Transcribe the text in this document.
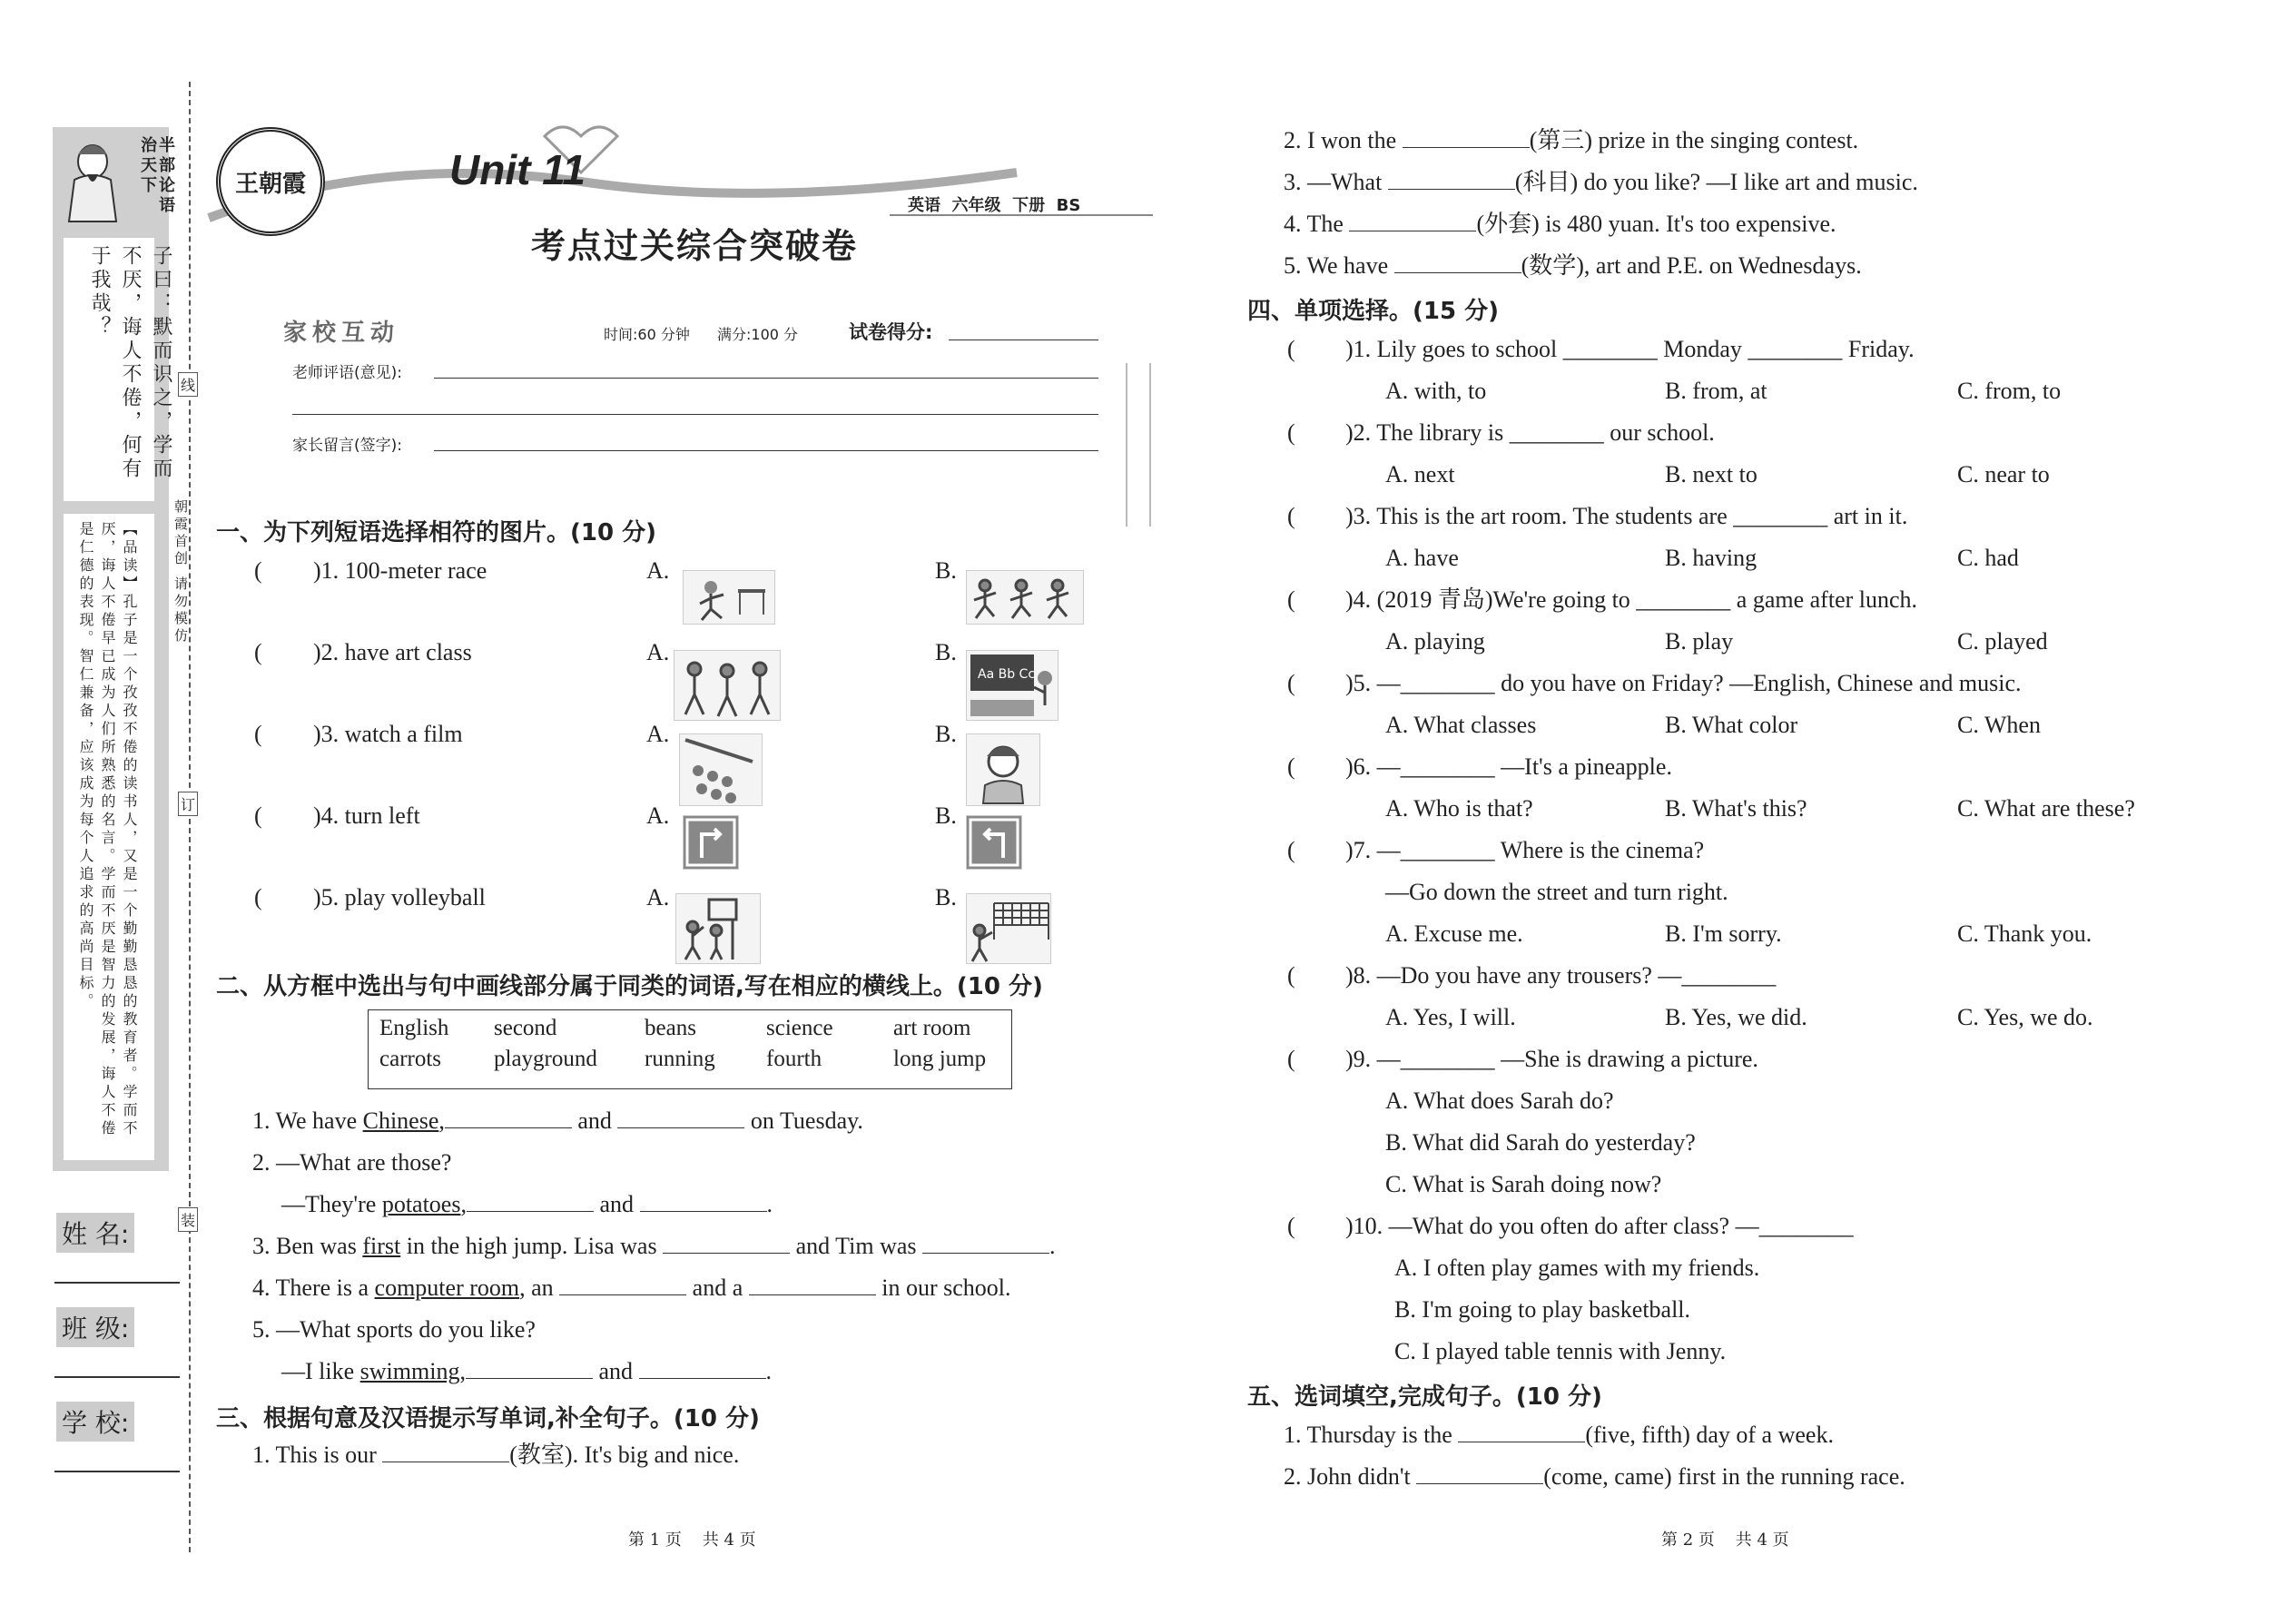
半部论语治天下
子曰：默而识之，学而不厌，诲人不倦，何有于我哉？
【品读】孔子是一个孜孜不倦的读书人，又是一个勤勤恳恳的教育者。学而不厌，诲人不倦早已成为人们所熟悉的名言。学而不厌是智力的发展，诲人不倦是仁德的表现。智仁兼备，应该成为每个人追求的高尚目标。	朝霞首创 请勿模仿
线
订
装
姓 名:
班 级:
学 校:
王朝霞	Unit 11
考点过关综合突破卷
英语  六年级  下册  BS
家校互动	时间:60 分钟 满分:100 分	试卷得分:
老师评语(意见):
家长留言(签字):
一、为下列短语选择相符的图片。(10 分)
( )1. 100-meter race	A.	B.
( )2. have art class	A.	B.
Aa Bb Cc
( )3. watch a film	A.	B.
( )4. turn left	A.	B.
( )5. play volleyball	A.	B.
二、从方框中选出与句中画线部分属于同类的词语,写在相应的横线上。(10 分)
English	second	beans	science	art room
carrots	playground	running	fourth	long jump
1. We have Chinese,	and	on Tuesday.
2. —What are those?
—They're potatoes,	and	.
3. Ben was first in the high jump. Lisa was	and Tim was	.
4. There is a computer room, an	and a	in our school.
5. —What sports do you like?
—I like swimming,	and	.
三、根据句意及汉语提示写单词,补全句子。(10 分)
1. This is our	(教室). It's big and nice.
第 1 页    共 4 页
2. I won the	(第三) prize in the singing contest.
3. —What	(科目) do you like? —I like art and music.
4. The	(外套) is 480 yuan. It's too expensive.
5. We have	(数学), art and P.E. on Wednesdays.
四、单项选择。(15 分)
( )1. Lily goes to school ________ Monday ________ Friday.
A. with, to	B. from, at	C. from, to
( )2. The library is ________ our school.
A. next	B. next to	C. near to
( )3. This is the art room. The students are ________ art in it.
A. have	B. having	C. had
( )4. (2019 青岛)We're going to ________ a game after lunch.
A. playing	B. play	C. played
( )5. —________ do you have on Friday? —English, Chinese and music.
A. What classes	B. What color	C. When
( )6. —________ —It's a pineapple.
A. Who is that?	B. What's this?	C. What are these?
( )7. —________ Where is the cinema?
—Go down the street and turn right.
A. Excuse me.	B. I'm sorry.	C. Thank you.
( )8. —Do you have any trousers? —________
A. Yes, I will.	B. Yes, we did.	C. Yes, we do.
( )9. —________ —She is drawing a picture.
A. What does Sarah do?
B. What did Sarah do yesterday?
C. What is Sarah doing now?
( )10. —What do you often do after class? —________
A. I often play games with my friends.
B. I'm going to play basketball.
C. I played table tennis with Jenny.
五、选词填空,完成句子。(10 分)
1. Thursday is the	(five, fifth) day of a week.
2. John didn't	(come, came) first in the running race.
第 2 页    共 4 页
